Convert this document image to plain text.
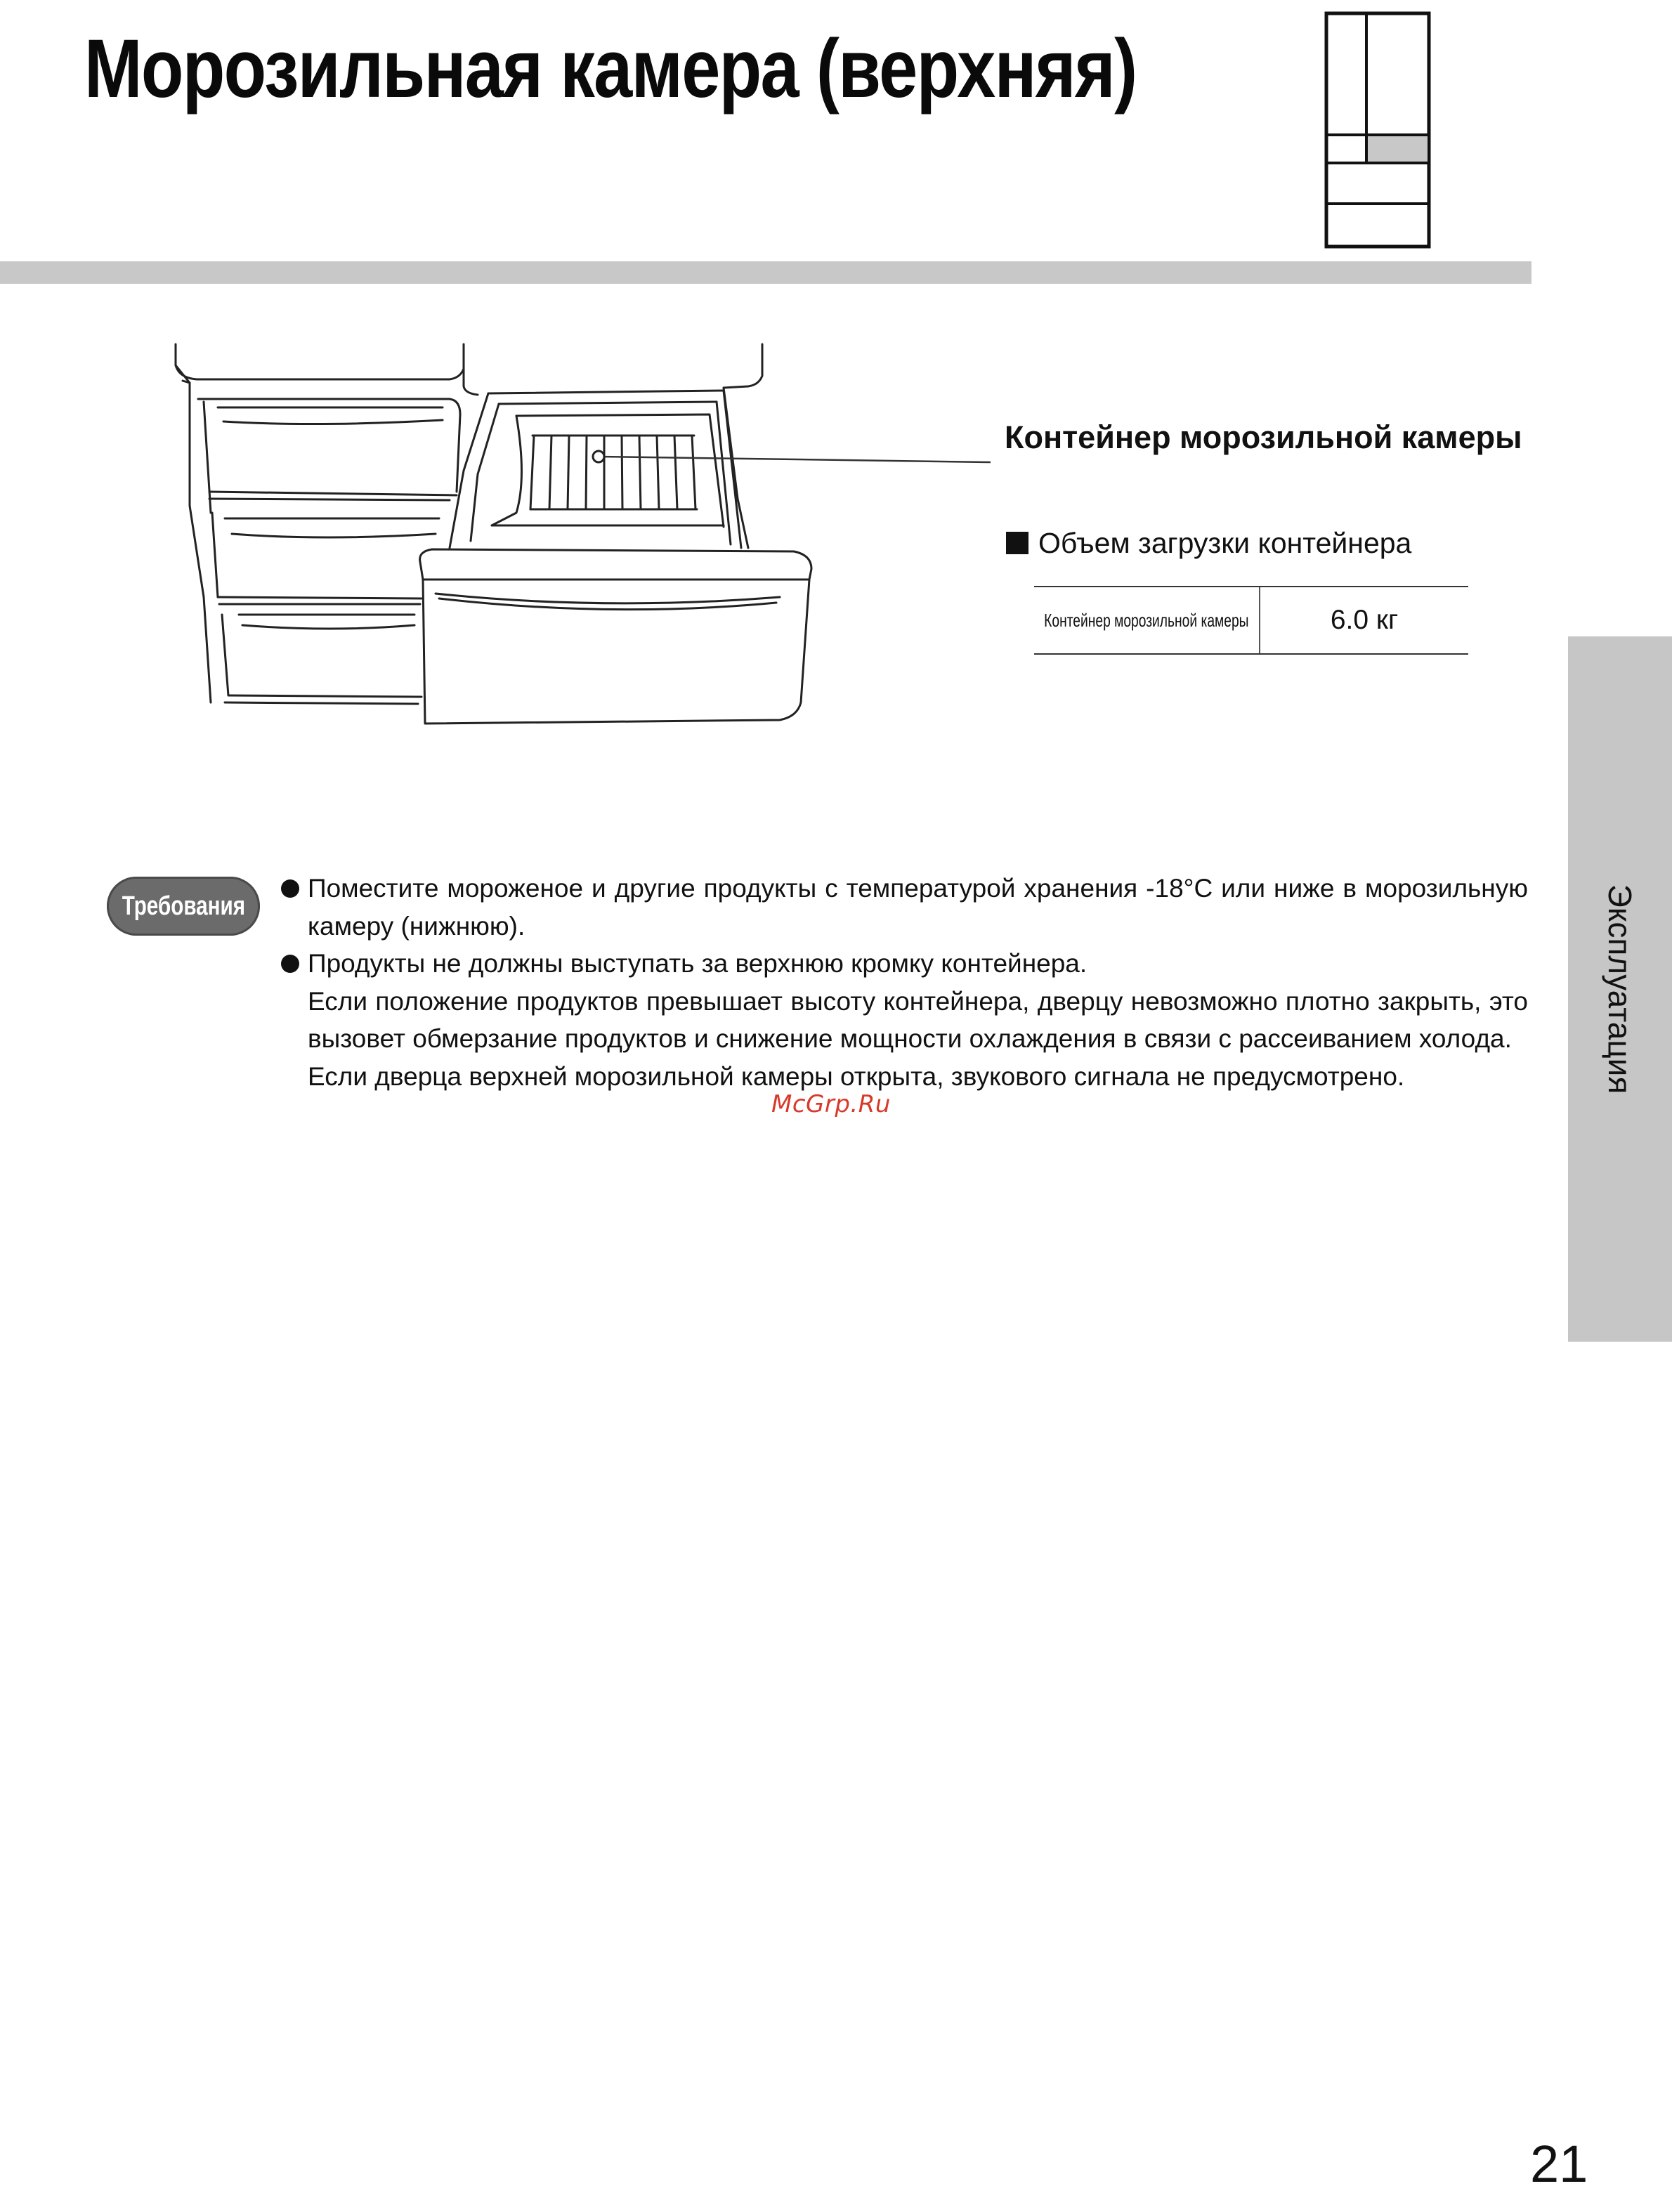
Морозильная камера (верхняя)
Контейнер морозильной камеры
Объем загрузки контейнера
Контейнер морозильной камеры	6.0 кг
Требования
Поместите мороженое и другие продукты с температурой хранения -18°С или ниже в морозильную камеру (нижнюю).
Продукты не должны выступать за верхнюю кромку контейнера.
Если положение продуктов превышает высоту контейнера, дверцу невозможно плотно закрыть, это вызовет обмерзание продуктов и снижение мощности охлаждения в связи с рассеиванием холода.
Если дверца верхней морозильной камеры открыта, звукового сигнала не предусмотрено.
McGrp.Ru
Эксплуатация
21
